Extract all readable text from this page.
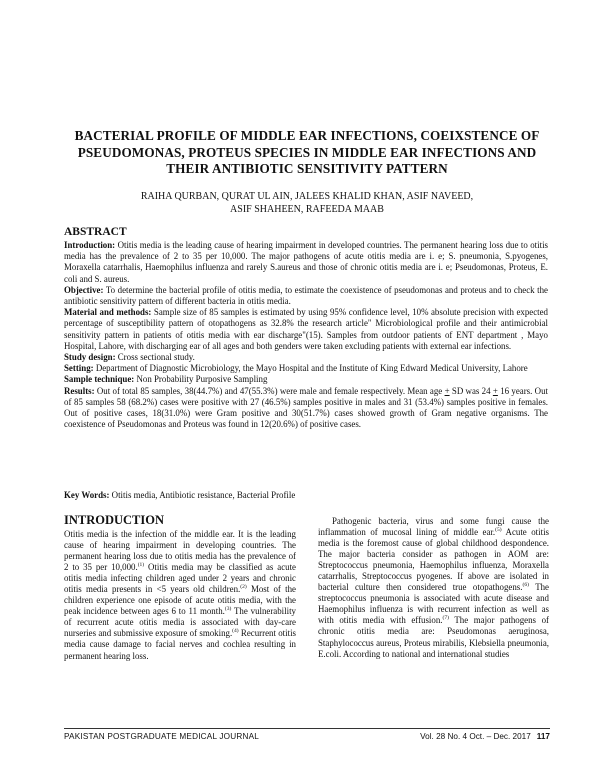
BACTERIAL PROFILE OF MIDDLE EAR INFECTIONS, COEIXSTENCE OF PSEUDOMONAS, PROTEUS SPECIES IN MIDDLE EAR INFECTIONS AND THEIR ANTIBIOTIC SENSITIVITY PATTERN
RAIHA QURBAN, QURAT UL AIN, JALEES KHALID KHAN, ASIF NAVEED,
ASIF SHAHEEN, RAFEEDA MAAB
ABSTRACT

Introduction: Otitis media is the leading cause of hearing impairment in developed countries. The permanent hearing loss due to otitis media has the prevalence of 2 to 35 per 10,000. The major pathogens of acute otitis media are i. e; S. pneumonia, S.pyogenes, Moraxella catarrhalis, Haemophilus influenza and rarely S.aureus and those of chronic otitis media are i. e; Pseudomonas, Proteus, E. coli and S. aureus.

Objective: To determine the bacterial profile of otitis media, to estimate the coexistence of pseudomonas and proteus and to check the antibiotic sensitivity pattern of different bacteria in otitis media.

Material and methods: Sample size of 85 samples is estimated by using 95% confidence level, 10% absolute precision with expected percentage of susceptibility pattern of otopathogens as 32.8% the research article" Microbiological profile and their antimicrobial sensitivity pattern in patients of otitis media with ear discharge"(15). Samples from outdoor patients of ENT department , Mayo Hospital, Lahore, with discharging ear of all ages and both genders were taken excluding patients with external ear infections.

Study design: Cross sectional study.

Setting: Department of Diagnostic Microbiology, the Mayo Hospital and the Institute of King Edward Medical University, Lahore

Sample technique: Non Probability Purposive Sampling

Results: Out of total 85 samples, 38(44.7%) and 47(55.3%) were male and female respectively. Mean age + SD was 24 + 16 years. Out of 85 samples 58 (68.2%) cases were positive with 27 (46.5%) samples positive in males and 31 (53.4%) samples positive in females. Out of positive cases, 18(31.0%) were Gram positive and 30(51.7%) cases showed growth of Gram negative organisms. The coexistence of Pseudomonas and Proteus was found in 12(20.6%) of positive cases.

Key Words: Otitis media, Antibiotic resistance, Bacterial Profile
INTRODUCTION

Otitis media is the infection of the middle ear. It is the leading cause of hearing impairment in developing countries. The permanent hearing loss due to otitis media has the prevalence of 2 to 35 per 10,000.$^{(1)}$ Otitis media may be classified as acute otitis media infecting children aged under 2 years and chronic otitis media presents in <5 years old children.$^{(2)}$ Most of the children experience one episode of acute otitis media, with the peak incidence between ages 6 to 11 month.$^{(3)}$ The vulnerability of recurrent acute otitis media is associated with day-care nurseries and submissive exposure of smoking.$^{(4)}$ Recurrent otitis media cause damage to facial nerves and cochlea resulting in permanent hearing loss.

Pathogenic bacteria, virus and some fungi cause the inflammation of mucosal lining of middle ear.$^{(5)}$ Acute otitis media is the foremost cause of global childhood despondence. The major bacteria consider as pathogen in AOM are: Streptococcus pneumonia, Haemophilus influenza, Moraxella catarrhalis, Streptococcus pyogenes. If above are isolated in bacterial culture then considered true otopathogens.$^{(6)}$ The streptococcus pneumonia is associated with acute disease and Haemophilus influenza is with recurrent infection as well as with otitis media with effusion.$^{(7)}$ The major pathogens of chronic otitis media are: Pseudomonas aeruginosa, Staphylococcus aureus, Proteus mirabilis, Klebsiella pneumonia, E.coli. According to national and international studies

PAKISTAN POSTGRADUATE MEDICAL JOURNAL	Vol. 28 No. 4 Oct. – Dec. 2017 117
